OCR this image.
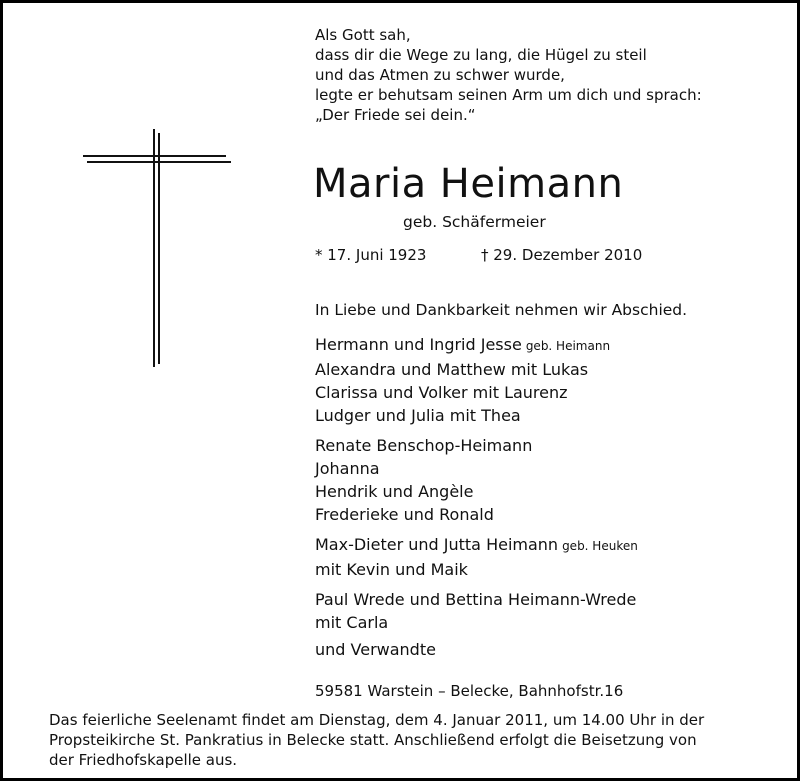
Als Gott sah,
dass dir die Wege zu lang, die Hügel zu steil
und das Atmen zu schwer wurde,
legte er behutsam seinen Arm um dich und sprach:
„Der Friede sei dein.“
Maria Heimann
geb. Schäfermeier
* 17. Juni 1923	† 29. Dezember 2010
In Liebe und Dankbarkeit nehmen wir Abschied.
Hermann und Ingrid Jesse geb. Heimann
Alexandra und Matthew mit Lukas
Clarissa und Volker mit Laurenz
Ludger und Julia mit Thea
Renate Benschop-Heimann
Johanna
Hendrik und Angèle
Frederieke und Ronald
Max-Dieter und Jutta Heimann geb. Heuken
mit Kevin und Maik
Paul Wrede und Bettina Heimann-Wrede
mit Carla
und Verwandte
59581 Warstein – Belecke, Bahnhofstr.16
Das feierliche Seelenamt findet am Dienstag, dem 4. Januar 2011, um 14.00 Uhr in der
Propsteikirche St. Pankratius in Belecke statt. Anschließend erfolgt die Beisetzung von
der Friedhofskapelle aus.
